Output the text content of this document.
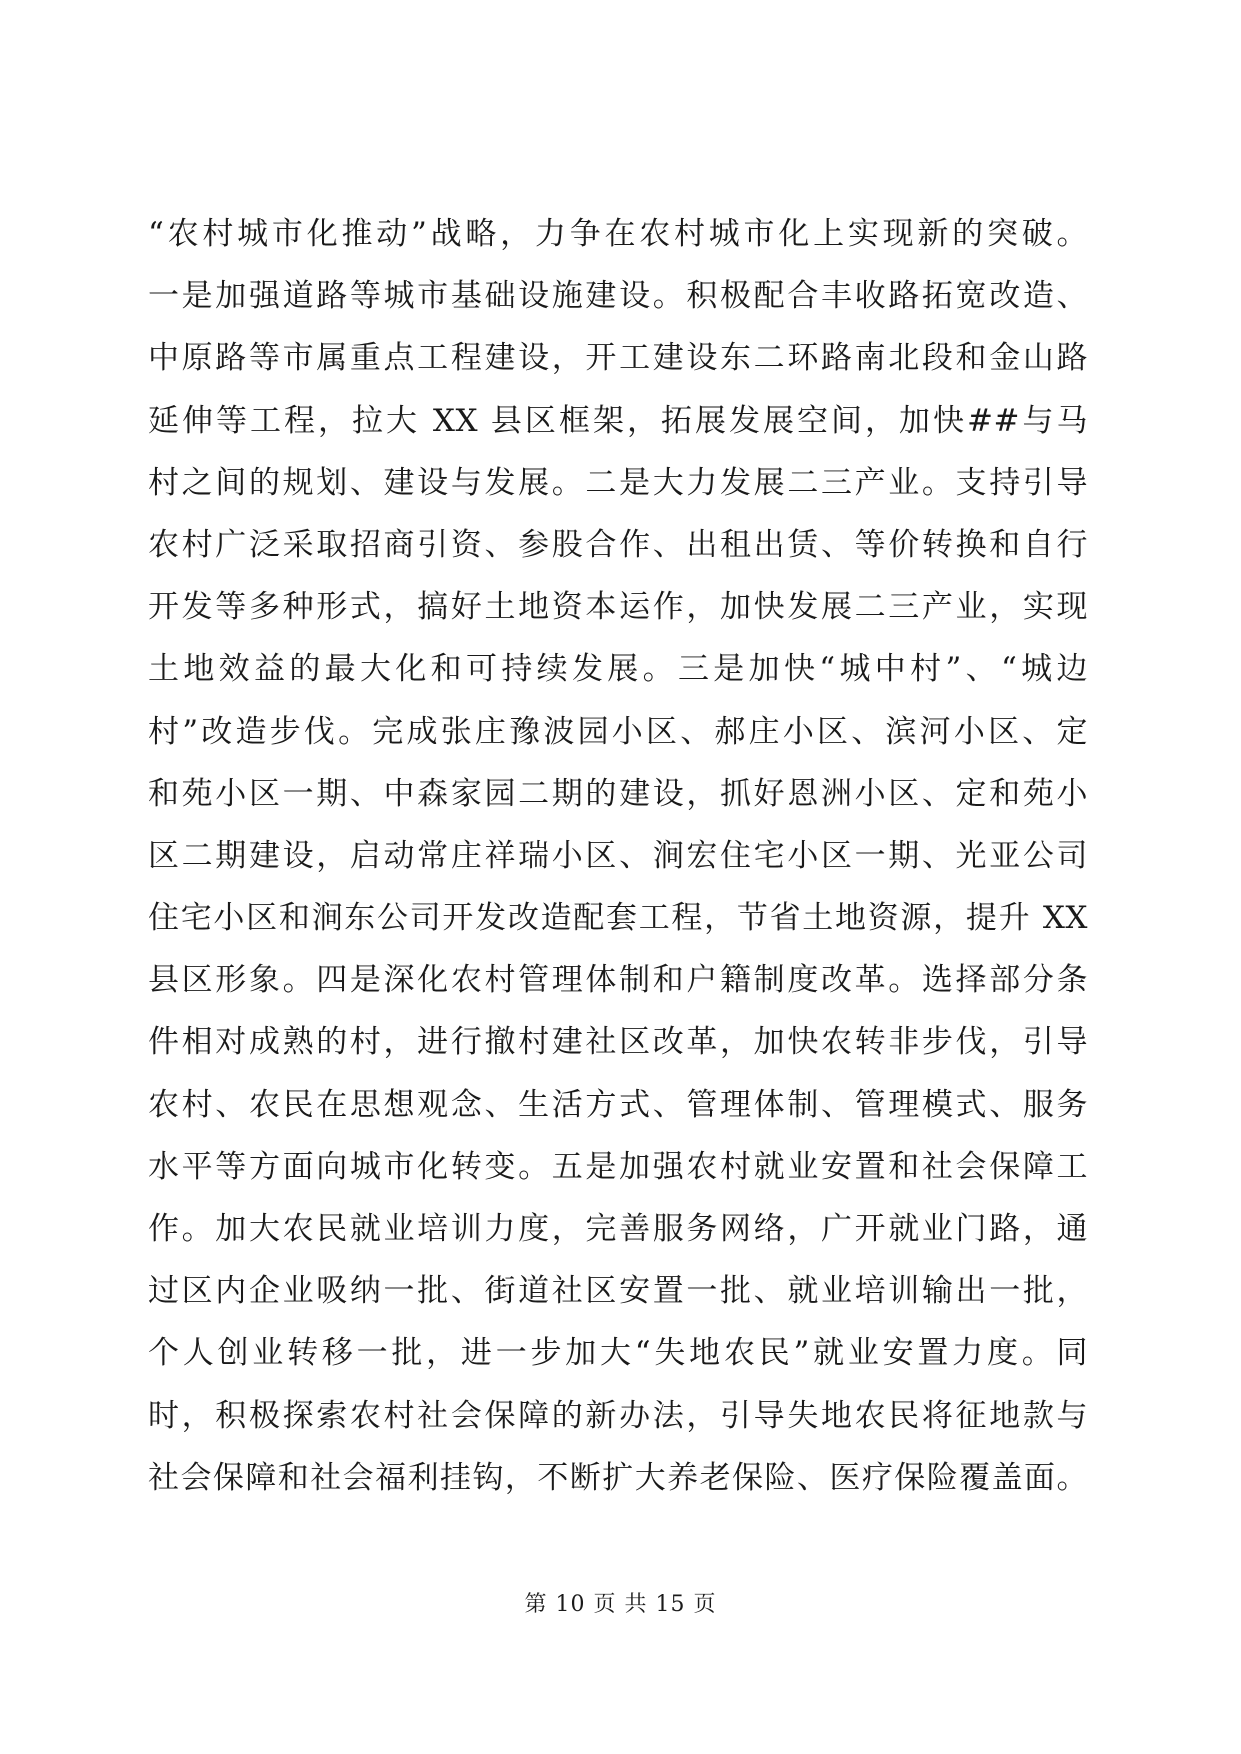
“农村城市化推动”战略，力争在农村城市化上实现新的突破。
一是加强道路等城市基础设施建设。积极配合丰收路拓宽改造、
中原路等市属重点工程建设，开工建设东二环路南北段和金山路
延伸等工程，拉大 XX 县区框架，拓展发展空间，加快##与马
村之间的规划、建设与发展。二是大力发展二三产业。支持引导
农村广泛采取招商引资、参股合作、出租出赁、等价转换和自行
开发等多种形式，搞好土地资本运作，加快发展二三产业，实现
土地效益的最大化和可持续发展。三是加快“城中村”、“城边
村”改造步伐。完成张庄豫波园小区、郝庄小区、滨河小区、定
和苑小区一期、中森家园二期的建设，抓好恩洲小区、定和苑小
区二期建设，启动常庄祥瑞小区、涧宏住宅小区一期、光亚公司
住宅小区和涧东公司开发改造配套工程，节省土地资源，提升 XX
县区形象。四是深化农村管理体制和户籍制度改革。选择部分条
件相对成熟的村，进行撤村建社区改革，加快农转非步伐，引导
农村、农民在思想观念、生活方式、管理体制、管理模式、服务
水平等方面向城市化转变。五是加强农村就业安置和社会保障工
作。加大农民就业培训力度，完善服务网络，广开就业门路，通
过区内企业吸纳一批、街道社区安置一批、就业培训输出一批，
个人创业转移一批，进一步加大“失地农民”就业安置力度。同
时，积极探索农村社会保障的新办法，引导失地农民将征地款与
社会保障和社会福利挂钩，不断扩大养老保险、医疗保险覆盖面。
第 10 页 共 15 页
